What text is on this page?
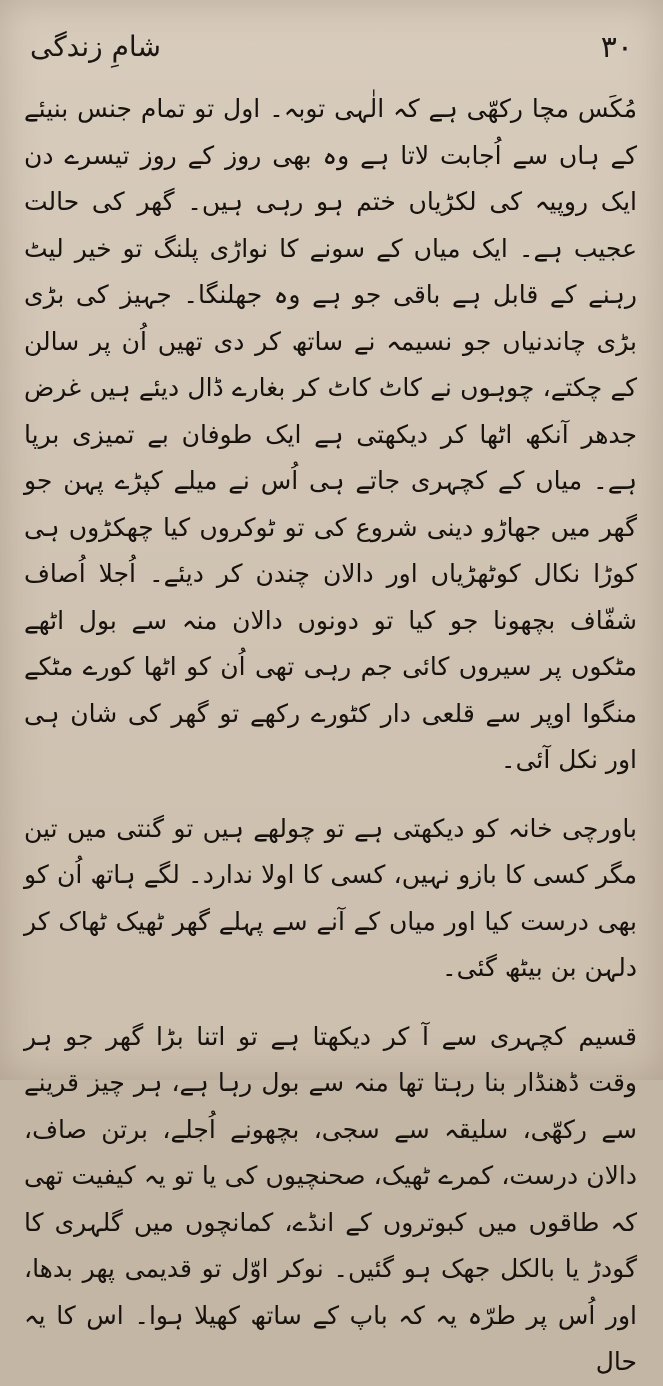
۳۰
شامِ زندگی

مُکَس مچا رکھّی ہے کہ الٰہی توبہ۔ اول تو تمام جنس بنیئے کے ہاں سے اُجابت لاتا ہے وہ بھی روز کے روز تیسرے دن ایک روپیہ کی لکڑیاں ختم ہو رہی ہیں۔ گھر کی حالت عجیب ہے۔ ایک میاں کے سونے کا نواڑی پلنگ تو خیر لیٹ رہنے کے قابل ہے باقی جو ہے وہ جھلنگا۔ جہیز کی بڑی بڑی چاندنیاں جو نسیمہ نے ساتھ کر دی تھیں اُن پر سالن کے چکتے، چوہوں نے کاٹ کاٹ کر بغارے ڈال دیئے ہیں غرض جدھر آنکھ اٹھا کر دیکھتی ہے ایک طوفان بے تمیزی برپا ہے۔ میاں کے کچہری جاتے ہی اُس نے میلے کپڑے پہن جو گھر میں جھاڑو دینی شروع کی تو ٹوکروں کیا چھکڑوں ہی کوڑا نکال کوٹھڑیاں اور دالان چندن کر دیئے۔ اُجلا اُصاف شفّاف بچھونا جو کیا تو دونوں دالان منہ سے بول اٹھے مٹکوں پر سیروں کائی جم رہی تھی اُن کو اٹھا کورے مٹکے منگوا اوپر سے قلعی دار کٹورے رکھے تو گھر کی شان ہی اور نکل آئی۔

باورچی خانہ کو دیکھتی ہے تو چولھے ہیں تو گنتی میں تین مگر کسی کا بازو نہیں، کسی کا اولا ندارد۔ لگے ہاتھ اُن کو بھی درست کیا اور میاں کے آنے سے پہلے گھر ٹھیک ٹھاک کر دلہن بن بیٹھ گئی۔

قسیم کچہری سے آ کر دیکھتا ہے تو اتنا بڑا گھر جو ہر وقت ڈھنڈار بنا رہتا تھا منہ سے بول رہا ہے، ہر چیز قرینے سے رکھّی، سلیقہ سے سجی، بچھونے اُجلے، برتن صاف، دالان درست، کمرے ٹھیک، صحنچیوں کی یا تو یہ کیفیت تھی کہ طاقوں میں کبوتروں کے انڈے، کمانچوں میں گلہری کا گودڑ یا بالکل جھک ہو گئیں۔ نوکر اوّل تو قدیمی پھر بدھا، اور اُس پر طرّہ یہ کہ باپ کے ساتھ کھیلا ہوا۔ اس کا یہ حال
